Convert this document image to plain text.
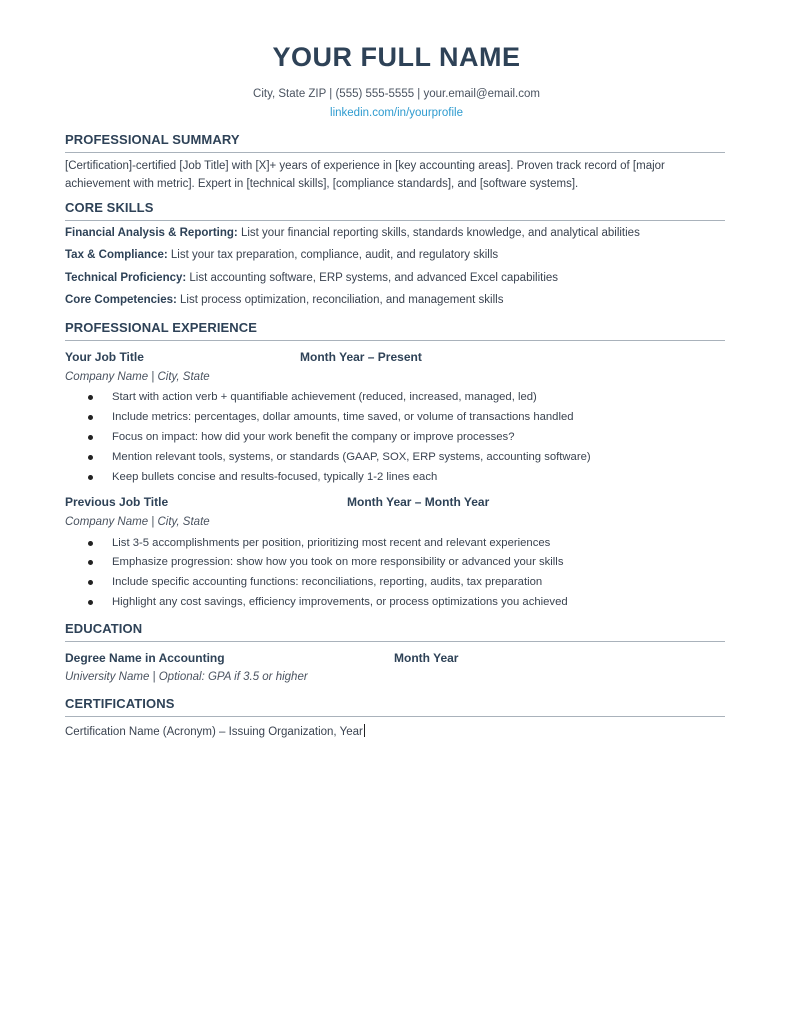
YOUR FULL NAME
City, State ZIP | (555) 555-5555 | your.email@email.com
linkedin.com/in/yourprofile
PROFESSIONAL SUMMARY
[Certification]-certified [Job Title] with [X]+ years of experience in [key accounting areas]. Proven track record of [major
achievement with metric]. Expert in [technical skills], [compliance standards], and [software systems].
CORE SKILLS
Financial Analysis & Reporting: List your financial reporting skills, standards knowledge, and analytical abilities
Tax & Compliance: List your tax preparation, compliance, audit, and regulatory skills
Technical Proficiency: List accounting software, ERP systems, and advanced Excel capabilities
Core Competencies: List process optimization, reconciliation, and management skills
PROFESSIONAL EXPERIENCE
Your Job Title	Month Year – Present
Company Name | City, State
Start with action verb + quantifiable achievement (reduced, increased, managed, led)
Include metrics: percentages, dollar amounts, time saved, or volume of transactions handled
Focus on impact: how did your work benefit the company or improve processes?
Mention relevant tools, systems, or standards (GAAP, SOX, ERP systems, accounting software)
Keep bullets concise and results-focused, typically 1-2 lines each
Previous Job Title	Month Year – Month Year
Company Name | City, State
List 3-5 accomplishments per position, prioritizing most recent and relevant experiences
Emphasize progression: show how you took on more responsibility or advanced your skills
Include specific accounting functions: reconciliations, reporting, audits, tax preparation
Highlight any cost savings, efficiency improvements, or process optimizations you achieved
EDUCATION
Degree Name in Accounting	Month Year
University Name | Optional: GPA if 3.5 or higher
CERTIFICATIONS
Certification Name (Acronym) – Issuing Organization, Year
